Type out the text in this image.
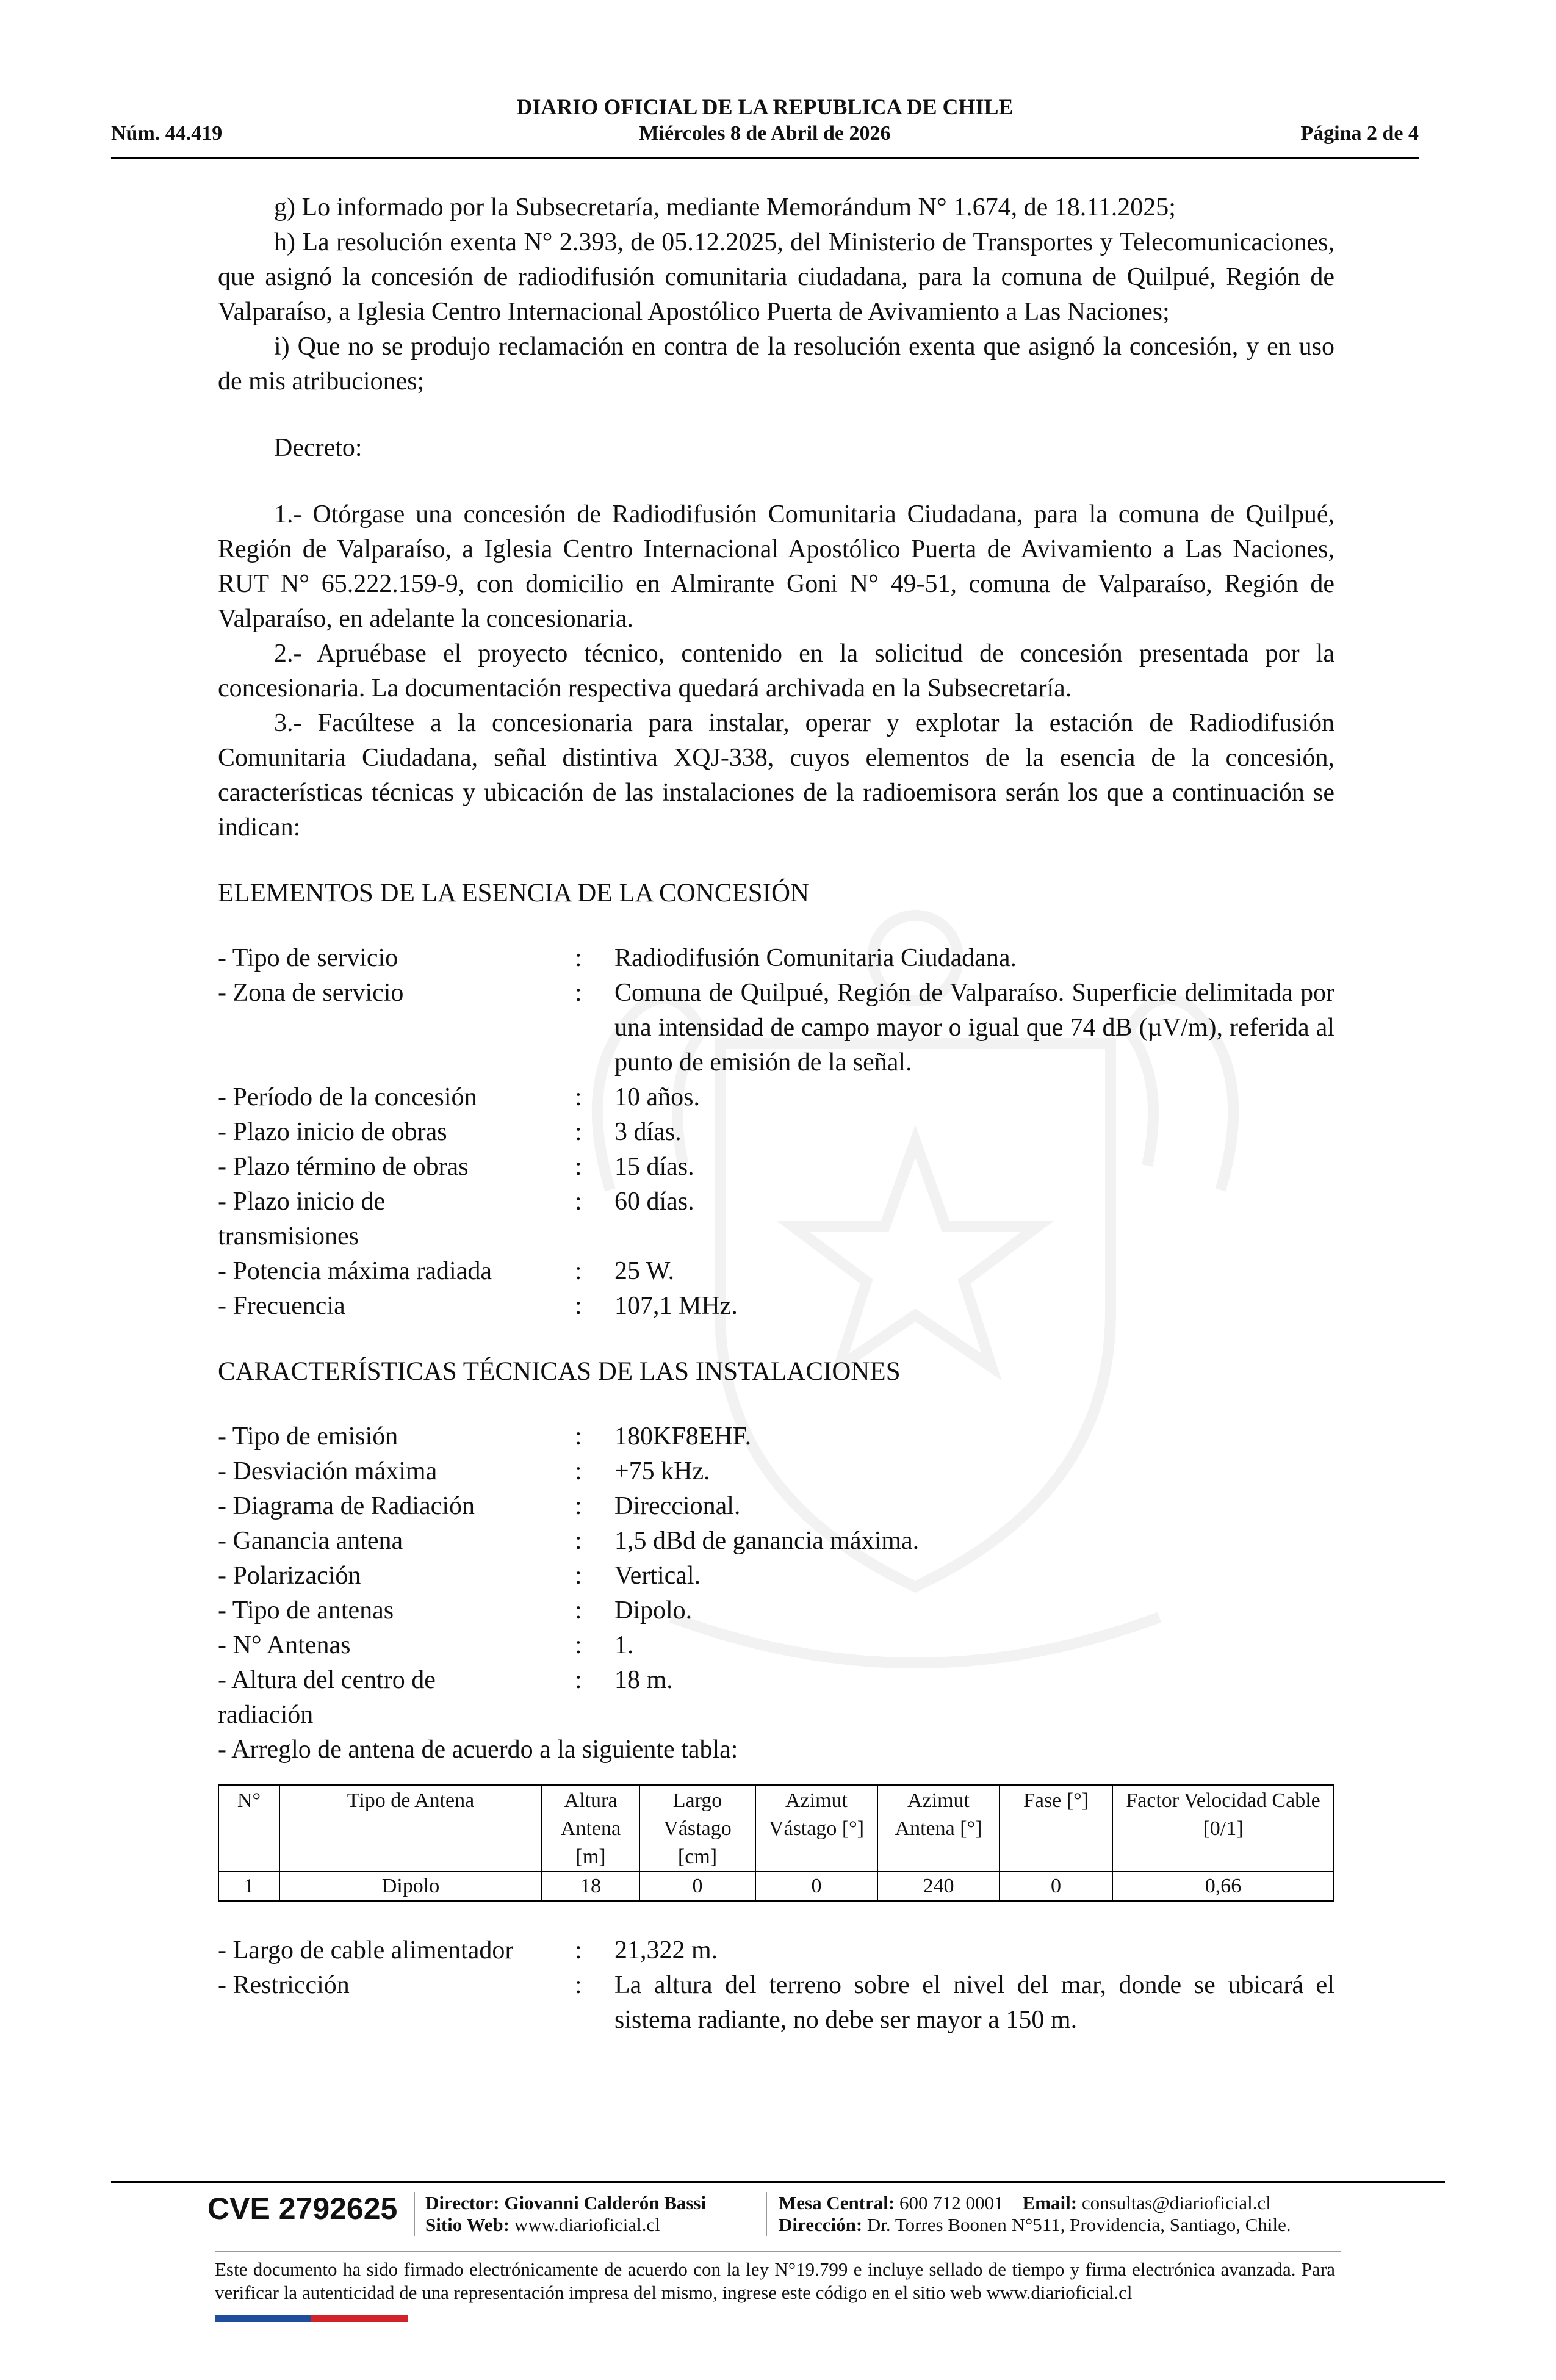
DIARIO OFICIAL DE LA REPUBLICA DE CHILE
Núm. 44.419	Miércoles 8 de Abril de 2026	Página 2 de 4

g) Lo informado por la Subsecretaría, mediante Memorándum N° 1.674, de 18.11.2025;

h) La resolución exenta N° 2.393, de 05.12.2025, del Ministerio de Transportes y Telecomunicaciones, que asignó la concesión de radiodifusión comunitaria ciudadana, para la comuna de Quilpué, Región de Valparaíso, a Iglesia Centro Internacional Apostólico Puerta de Avivamiento a Las Naciones;

i) Que no se produjo reclamación en contra de la resolución exenta que asignó la concesión, y en uso de mis atribuciones;

Decreto:

1.- Otórgase una concesión de Radiodifusión Comunitaria Ciudadana, para la comuna de Quilpué, Región de Valparaíso, a Iglesia Centro Internacional Apostólico Puerta de Avivamiento a Las Naciones, RUT N° 65.222.159-9, con domicilio en Almirante Goni N° 49-51, comuna de Valparaíso, Región de Valparaíso, en adelante la concesionaria.

2.- Apruébase el proyecto técnico, contenido en la solicitud de concesión presentada por la concesionaria. La documentación respectiva quedará archivada en la Subsecretaría.

3.- Facúltese a la concesionaria para instalar, operar y explotar la estación de Radiodifusión Comunitaria Ciudadana, señal distintiva XQJ-338, cuyos elementos de la esencia de la concesión, características técnicas y ubicación de las instalaciones de la radioemisora serán los que a continuación se indican:

ELEMENTOS DE LA ESENCIA DE LA CONCESIÓN

- Tipo de servicio	:	Radiodifusión Comunitaria Ciudadana.
- Zona de servicio	:	Comuna de Quilpué, Región de Valparaíso. Superficie delimitada por una intensidad de campo mayor o igual que 74 dB (µV/m), referida al punto de emisión de la señal.
- Período de la concesión	:	10 años.
- Plazo inicio de obras	:	3 días.
- Plazo término de obras	:	15 días.
- Plazo inicio de transmisiones
:	60 días.
- Potencia máxima radiada	:	25 W.
- Frecuencia	:	107,1 MHz.

CARACTERÍSTICAS TÉCNICAS DE LAS INSTALACIONES

- Tipo de emisión	:	180KF8EHF.
- Desviación máxima	:	+75 kHz.
- Diagrama de Radiación	:	Direccional.
- Ganancia antena	:	1,5 dBd de ganancia máxima.
- Polarización	:	Vertical.
- Tipo de antenas	:	Dipolo.
- N° Antenas	:	1.
- Altura del centro de radiación
:	18 m.

- Arreglo de antena de acuerdo a la siguiente tabla:

N°	Tipo de Antena	Altura Antena [m]	Largo Vástago [cm]	Azimut Vástago [°]	Azimut Antena [°]	Fase [°]	Factor Velocidad Cable [0/1]
1	Dipolo	18	0	0	240	0	0,66
- Largo de cable alimentador	:	21,322 m.
- Restricción	:	La altura del terreno sobre el nivel del mar, donde se ubicará el sistema radiante, no debe ser mayor a 150 m.
CVE 2792625 Director: Giovanni Calderón Bassi
Sitio Web: www.diarioficial.cl
Mesa Central: 600 712 0001 Email: consultas@diarioficial.cl
Dirección: Dr. Torres Boonen N°511, Providencia, Santiago, Chile.
Este documento ha sido firmado electrónicamente de acuerdo con la ley N°19.799 e incluye sellado de tiempo y firma electrónica avanzada. Para verificar la autenticidad de una representación impresa del mismo, ingrese este código en el sitio web www.diarioficial.cl
